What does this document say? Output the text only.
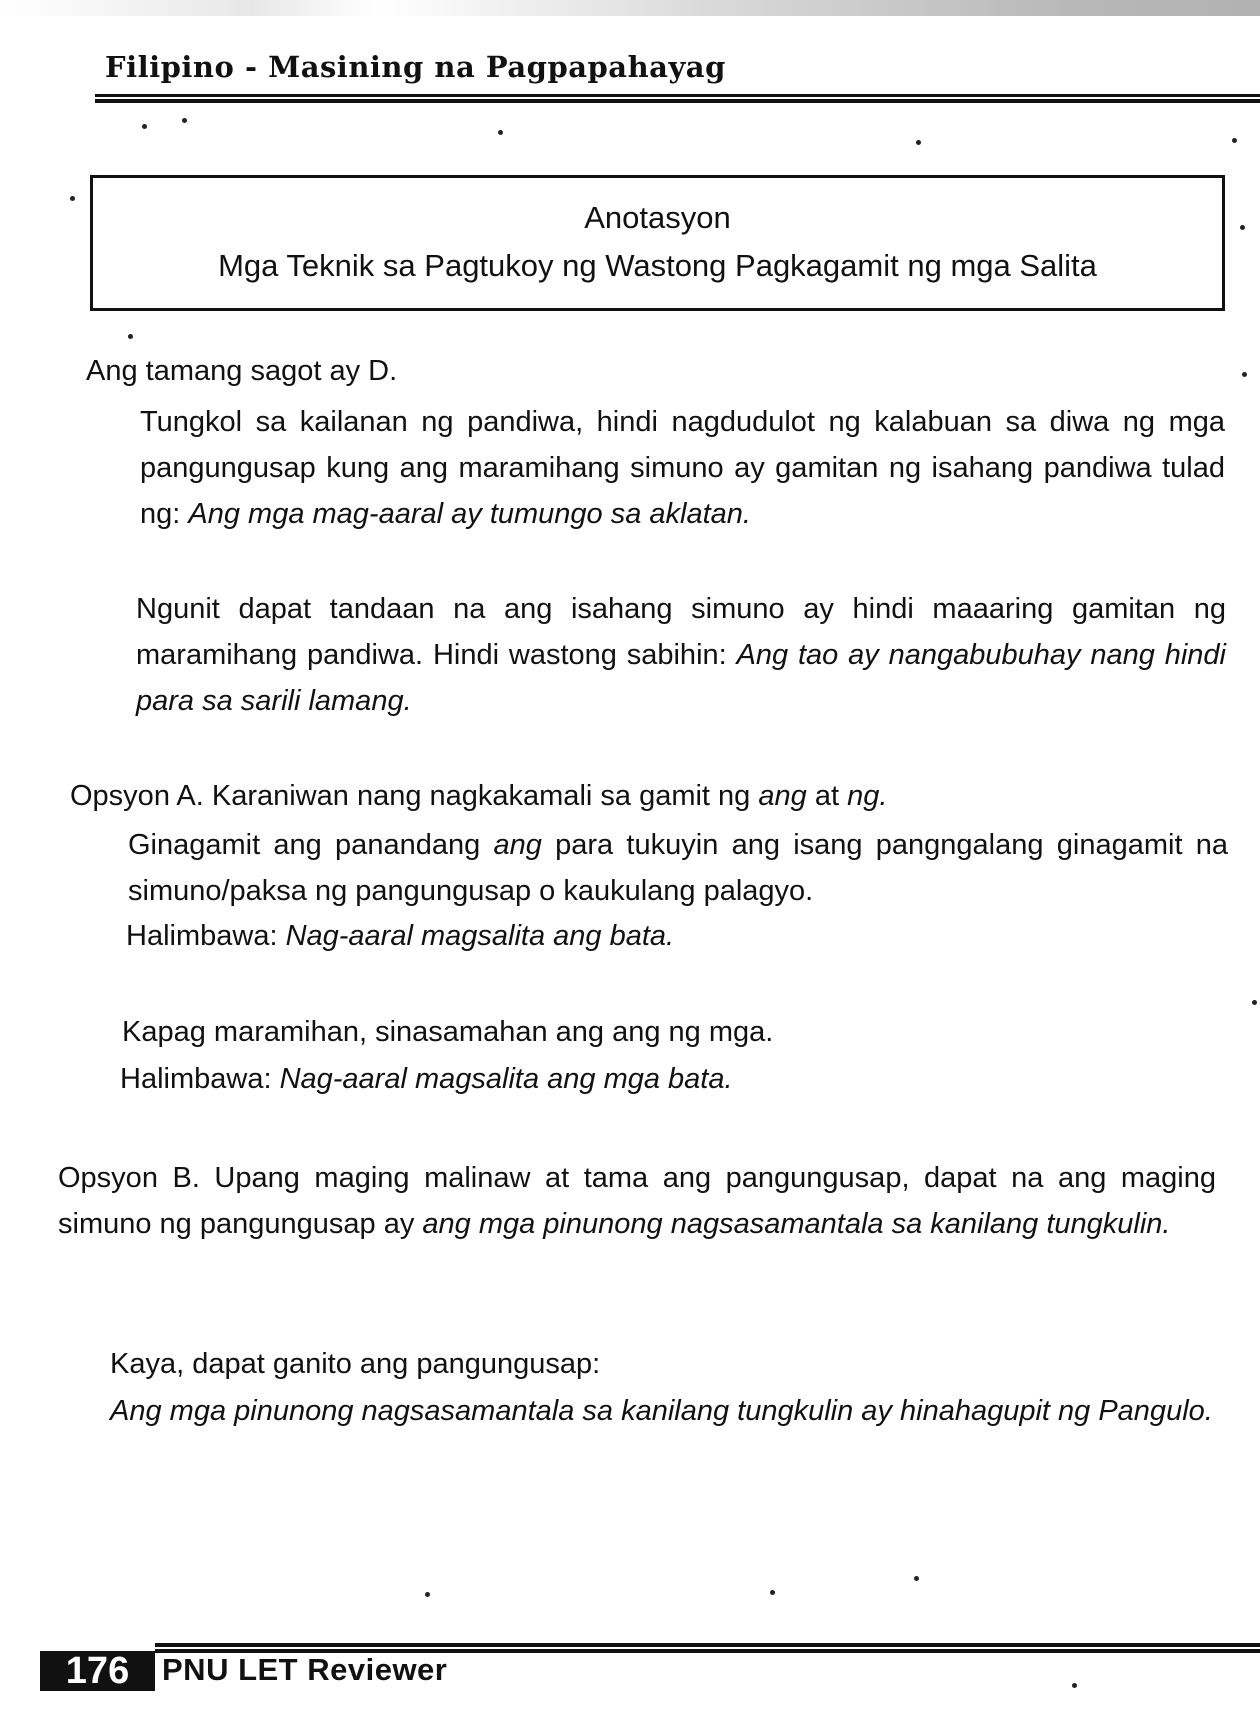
Filipino - Masining na Pagpapahayag
Anotasyon
Mga Teknik sa Pagtukoy ng Wastong Pagkagamit ng mga Salita
Ang tamang sagot ay D.

Tungkol sa kailanan ng pandiwa, hindi nagdudulot ng kalabuan sa diwa ng mga pangungusap kung ang maramihang simuno ay gamitan ng isahang pandiwa tulad ng: Ang mga mag-aaral ay tumungo sa aklatan.

Ngunit dapat tandaan na ang isahang simuno ay hindi maaaring gamitan ng maramihang pandiwa. Hindi wastong sabihin: Ang tao ay nangabubuhay nang hindi para sa sarili lamang.

Opsyon A. Karaniwan nang nagkakamali sa gamit ng ang at ng.

Ginagamit ang panandang ang para tukuyin ang isang pangngalang ginagamit na simuno/paksa ng pangungusap o kaukulang palagyo.

Halimbawa: Nag-aaral magsalita ang bata.
Kapag maramihan, sinasamahan ang ang ng mga.
Halimbawa: Nag-aaral magsalita ang mga bata.

Opsyon B. Upang maging malinaw at tama ang pangungusap, dapat na ang maging simuno ng pangungusap ay ang mga pinunong nagsasamantala sa kanilang tungkulin.

Kaya, dapat ganito ang pangungusap:

Ang mga pinunong nagsasamantala sa kanilang tungkulin ay hinahagupit ng Pangulo.

176	PNU LET Reviewer
